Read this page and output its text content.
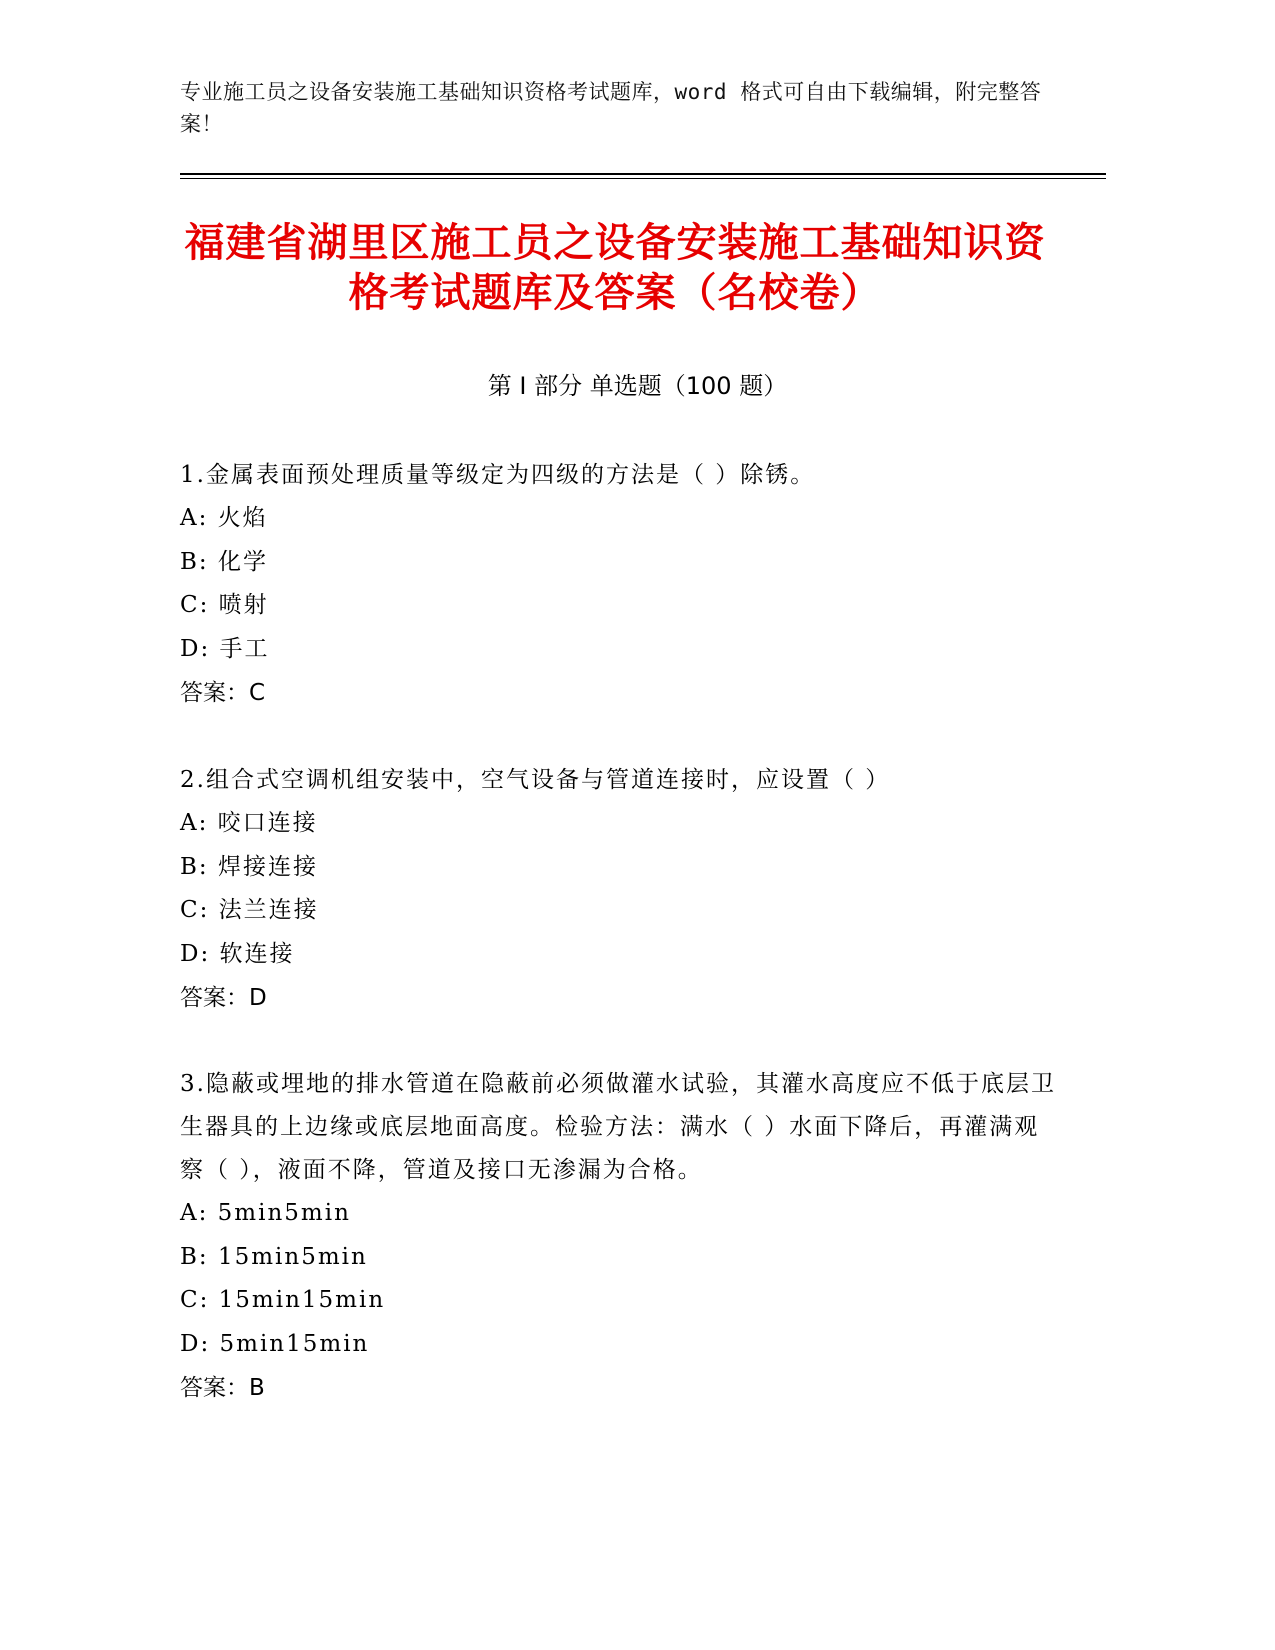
专业施工员之设备安装施工基础知识资格考试题库，word 格式可自由下载编辑，附完整答案！
福建省湖里区施工员之设备安装施工基础知识资格考试题库及答案（名校卷）
第 I 部分 单选题（100 题）

1.金属表面预处理质量等级定为四级的方法是（ ）除锈。

A: 火焰

B: 化学

C: 喷射

D: 手工

答案：C

2.组合式空调机组安装中，空气设备与管道连接时，应设置（ ）

A: 咬口连接

B: 焊接连接

C: 法兰连接

D: 软连接

答案：D

3.隐蔽或埋地的排水管道在隐蔽前必须做灌水试验，其灌水高度应不低于底层卫生器具的上边缘或底层地面高度。检验方法：满水（ ）水面下降后，再灌满观察（ ），液面不降，管道及接口无渗漏为合格。

A: 5min5min

B: 15min5min

C: 15min15min

D: 5min15min

答案：B
